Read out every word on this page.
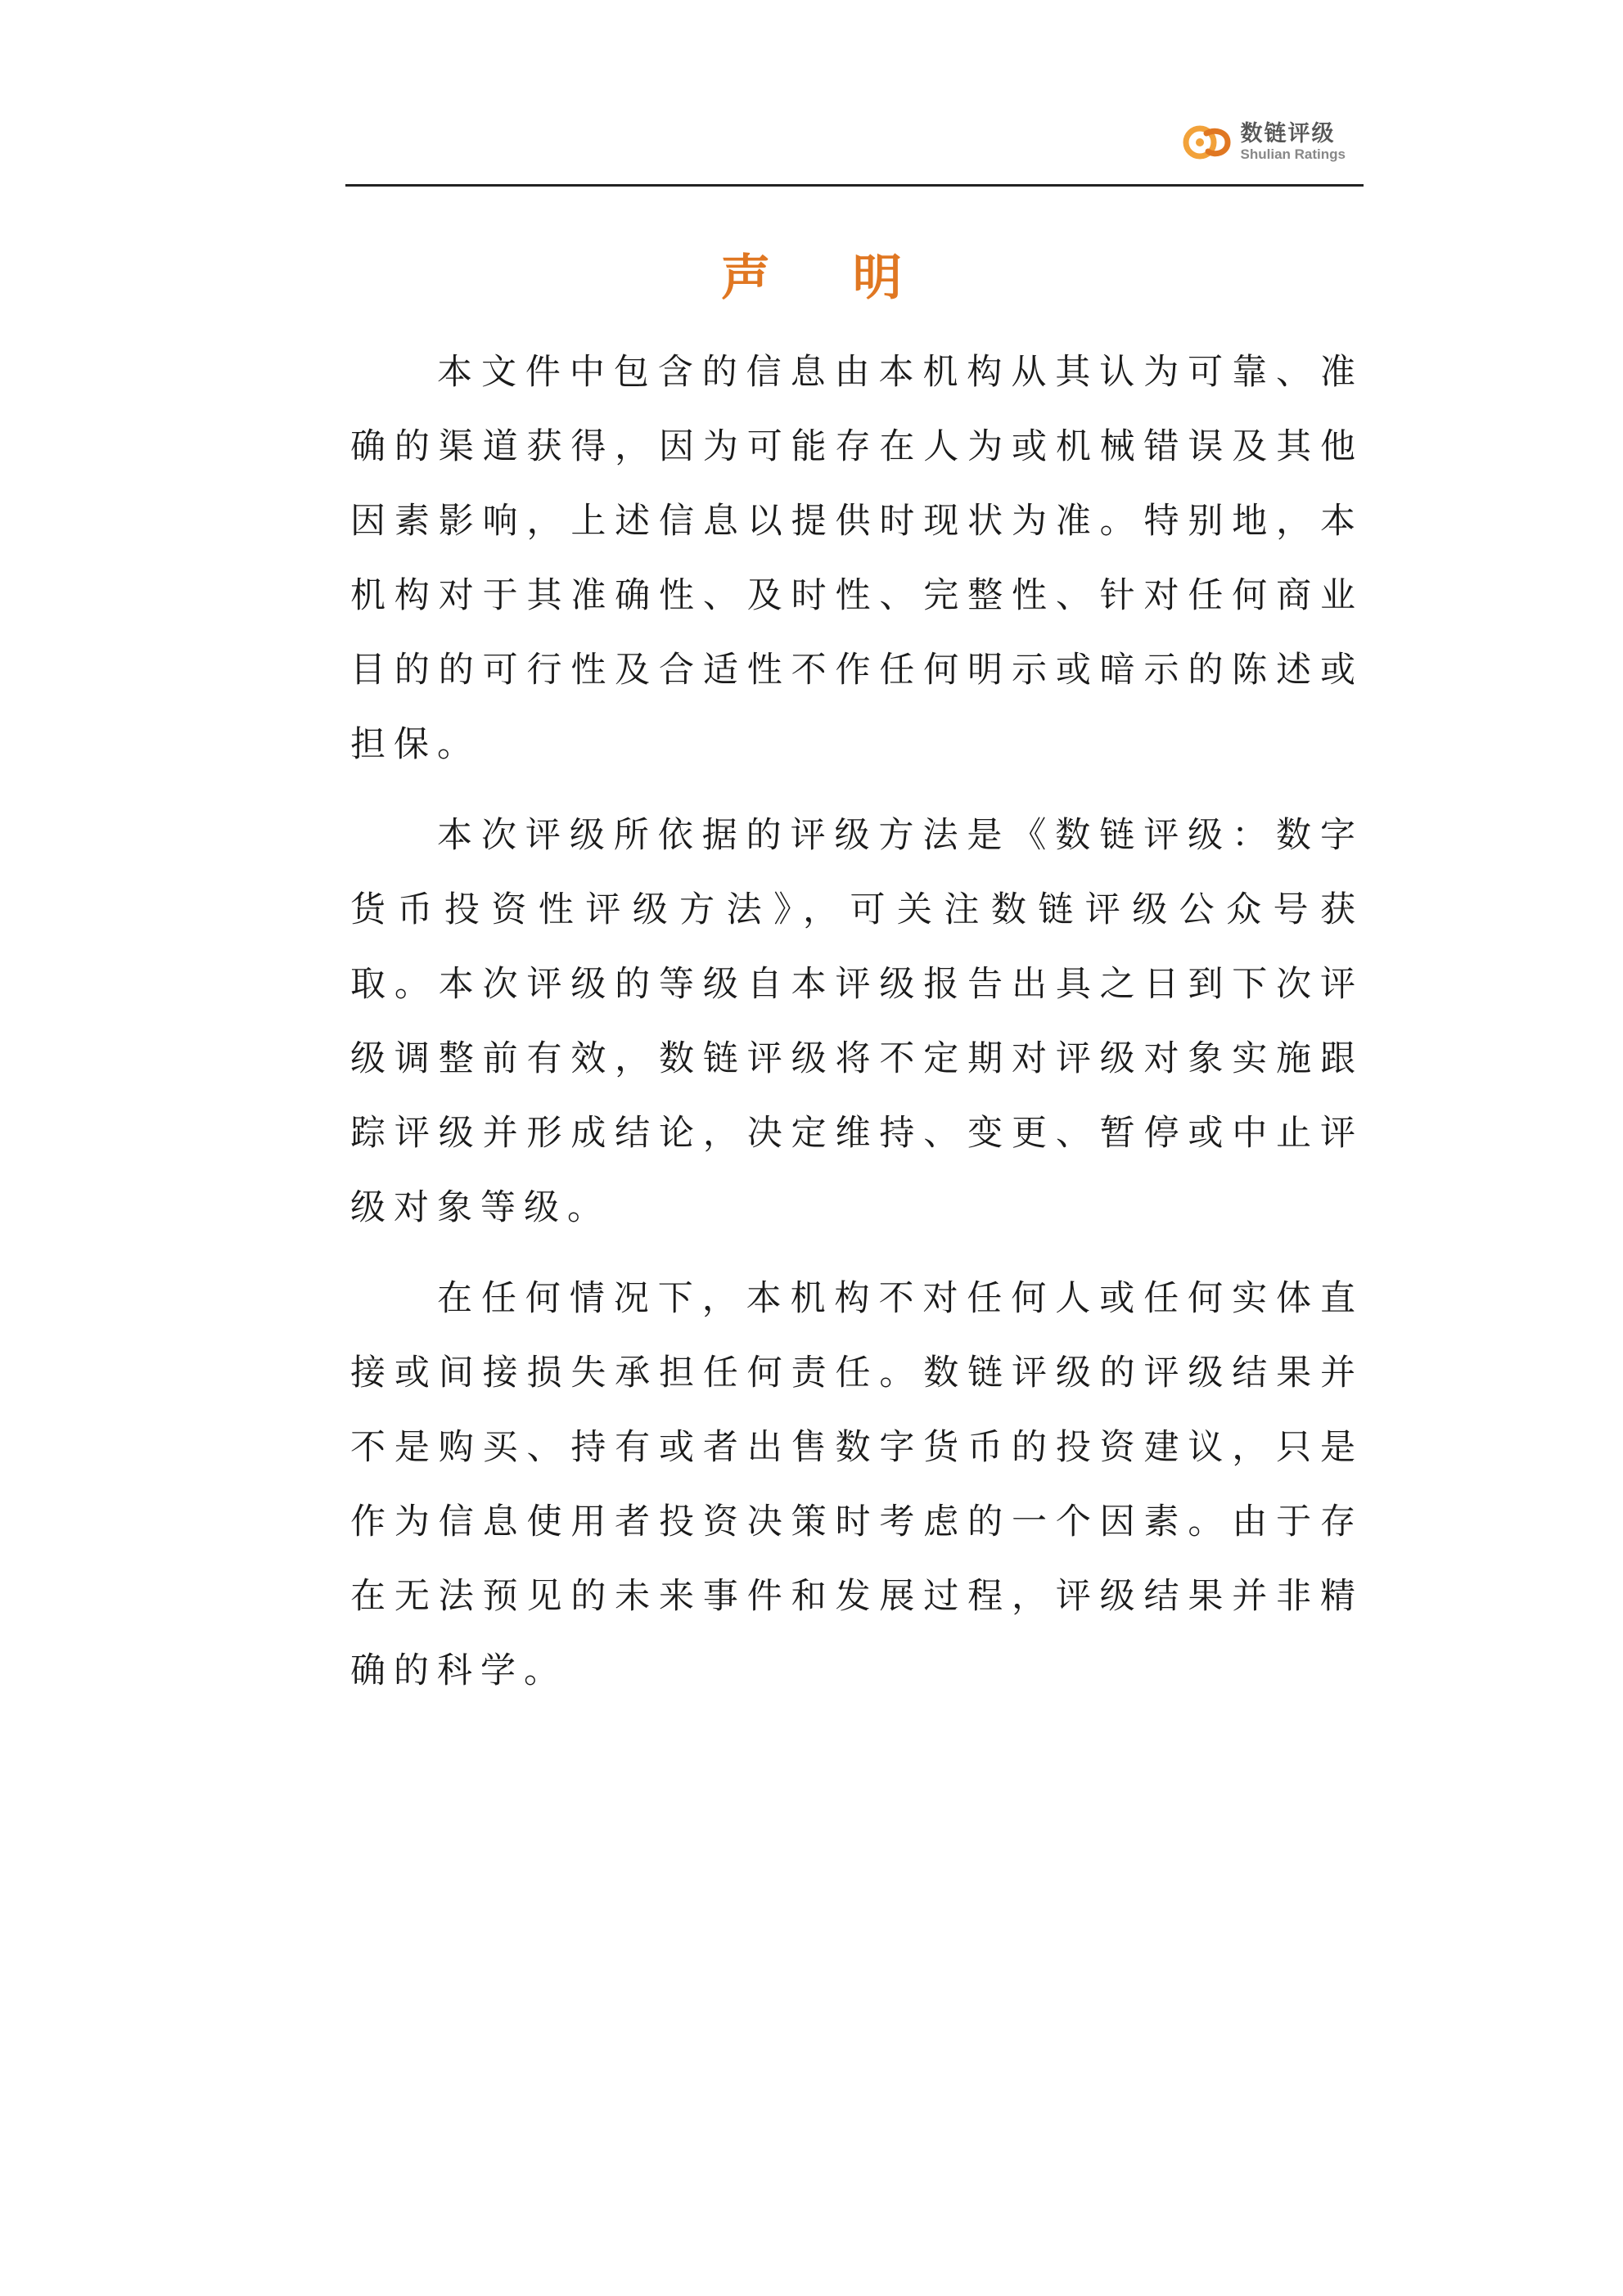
数链评级
Shulian Ratings
声 明

本文件中包含的信息由本机构从其认为可靠、准确的渠道获得，因为可能存在人为或机械错误及其他因素影响，上述信息以提供时现状为准。特别地，本机构对于其准确性、及时性、完整性、针对任何商业目的的可行性及合适性不作任何明示或暗示的陈述或担保。

本次评级所依据的评级方法是《数链评级：数字货币投资性评级方法》，可关注数链评级公众号获取。本次评级的等级自本评级报告出具之日到下次评级调整前有效，数链评级将不定期对评级对象实施跟踪评级并形成结论，决定维持、变更、暂停或中止评级对象等级。

在任何情况下，本机构不对任何人或任何实体直接或间接损失承担任何责任。数链评级的评级结果并不是购买、持有或者出售数字货币的投资建议，只是作为信息使用者投资决策时考虑的一个因素。由于存在无法预见的未来事件和发展过程，评级结果并非精确的科学。
